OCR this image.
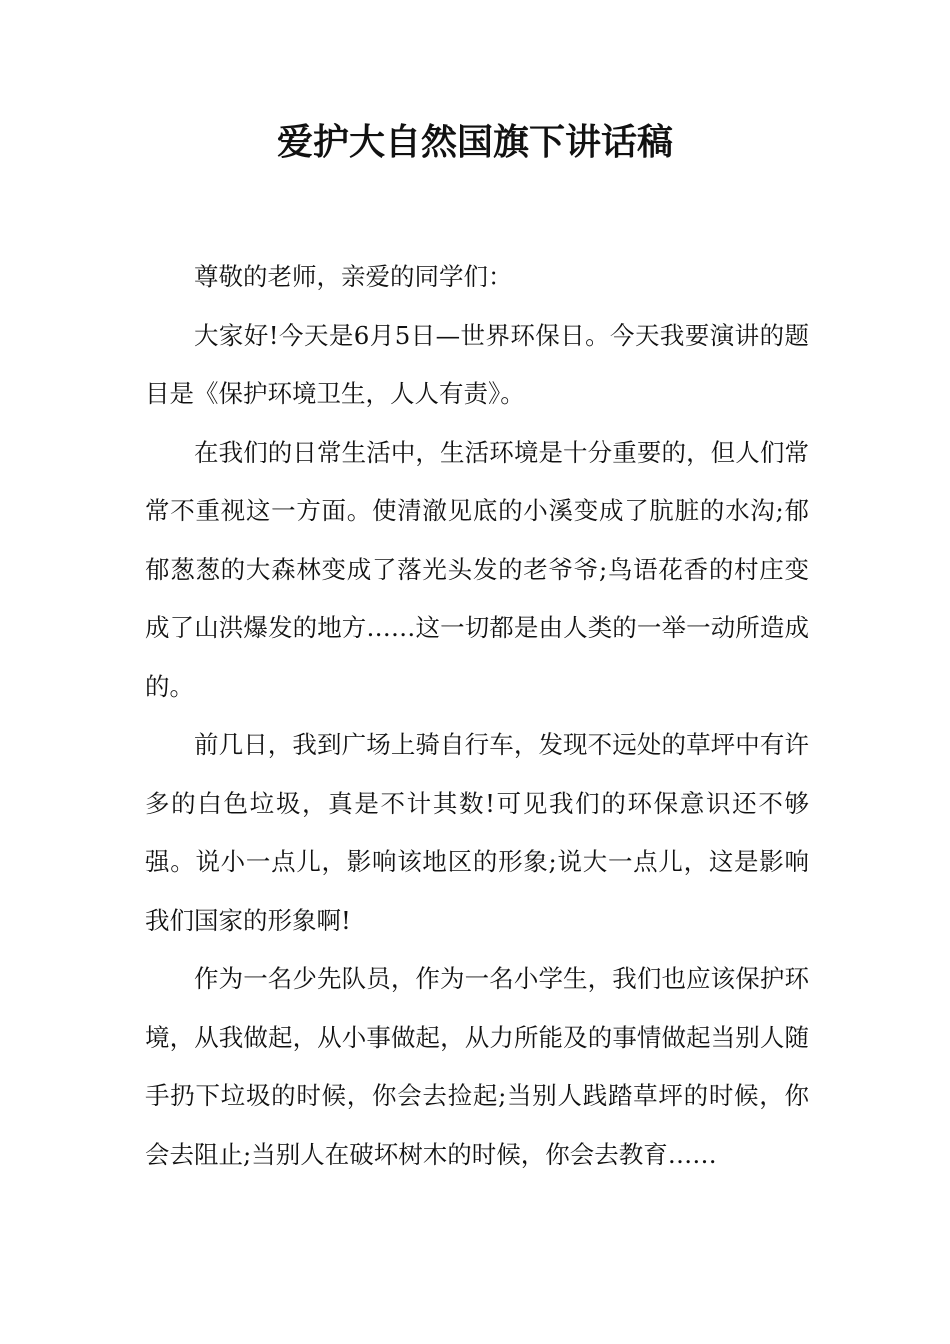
爱护大自然国旗下讲话稿

尊敬的老师，亲爱的同学们：

大家好!今天是6月5日—世界环保日。今天我要演讲的题目是《保护环境卫生，人人有责》。

在我们的日常生活中，生活环境是十分重要的，但人们常常不重视这一方面。使清澈见底的小溪变成了肮脏的水沟;郁郁葱葱的大森林变成了落光头发的老爷爷;鸟语花香的村庄变成了山洪爆发的地方……这一切都是由人类的一举一动所造成的。

前几日，我到广场上骑自行车，发现不远处的草坪中有许多的白色垃圾，真是不计其数!可见我们的环保意识还不够强。说小一点儿，影响该地区的形象;说大一点儿，这是影响我们国家的形象啊!

作为一名少先队员，作为一名小学生，我们也应该保护环境，从我做起，从小事做起，从力所能及的事情做起当别人随手扔下垃圾的时候，你会去捡起;当别人践踏草坪的时候，你会去阻止;当别人在破坏树木的时候，你会去教育……
